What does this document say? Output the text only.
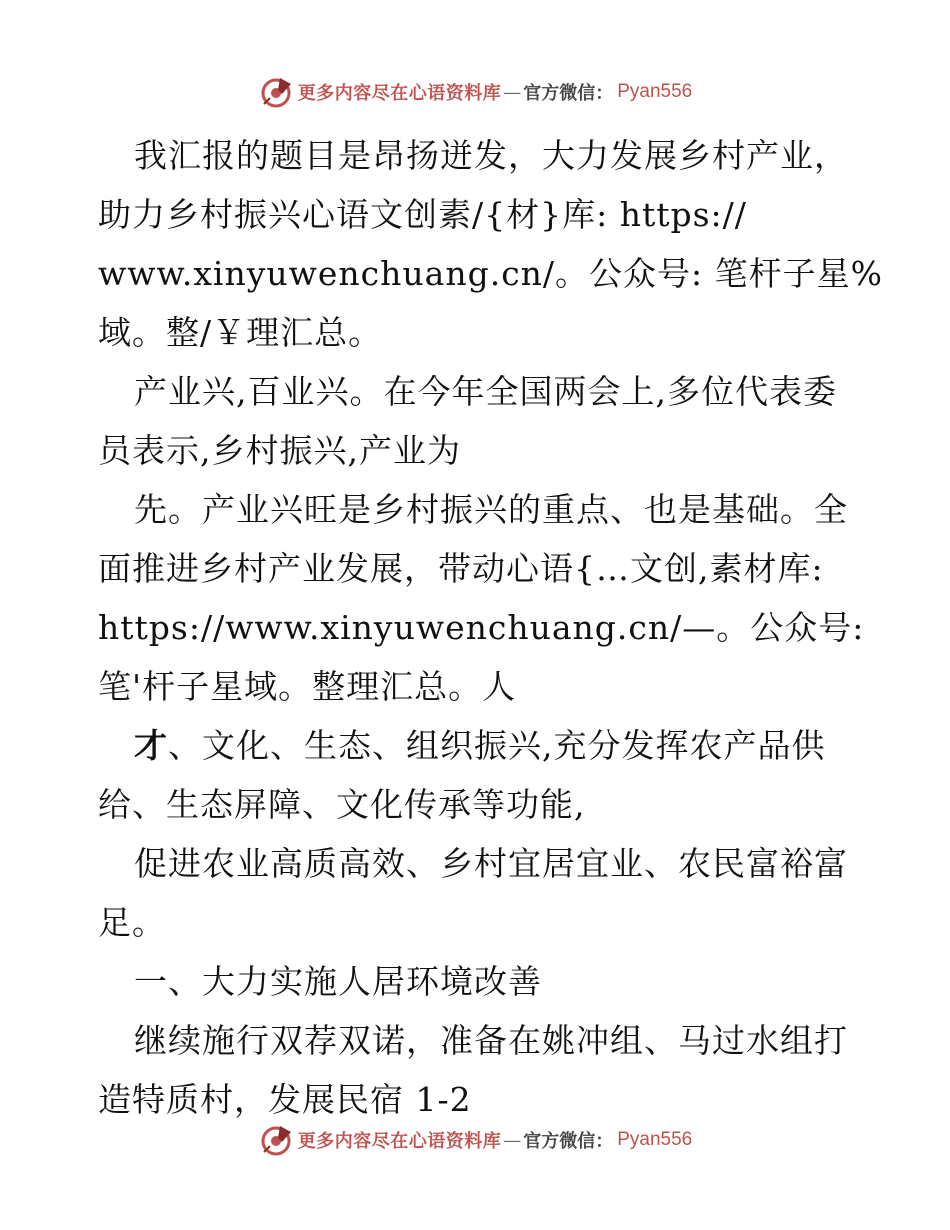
更多内容尽在心语资料库 — 官方微信： Pyan556
我汇报的题目是昂扬迸发，大力发展乡村产业，
助力乡村振兴心语文创素/{材}库: https://
www.xinyuwenchuang.cn/。公众号: 笔杆子星%
域。整/￥理汇总。
产业兴,百业兴。在今年全国两会上,多位代表委
员表示,乡村振兴,产业为
先。产业兴旺是乡村振兴的重点、也是基础。全
面推进乡村产业发展，带动心语{…文创,素材库:
https://www.xinyuwenchuang.cn/—。公众号:
笔'杆子星域。整理汇总。人
才、文化、生态、组织振兴,充分发挥农产品供
给、生态屏障、文化传承等功能,
促进农业高质高效、乡村宜居宜业、农民富裕富
足。
一、大力实施人居环境改善
继续施行双荐双诺，准备在姚冲组、马过水组打
造特质村，发展民宿 1-2
更多内容尽在心语资料库 — 官方微信： Pyan556
